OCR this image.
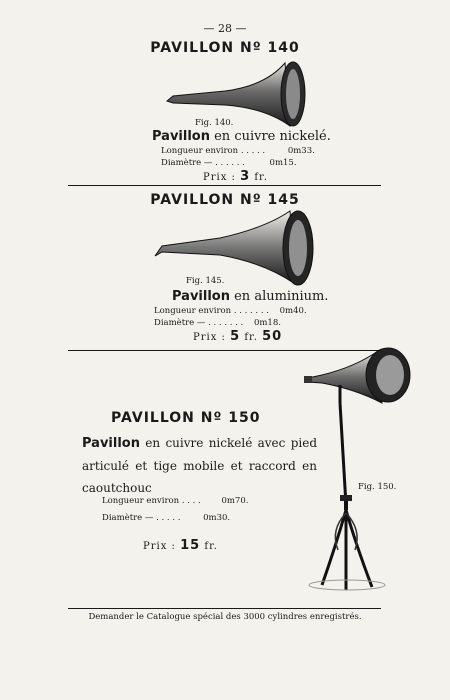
— 28 —
PAVILLON Nº 140
Fig. 140.
Pavillon en cuivre nickelé.
Longueur environ . . . . .	0m33.
Diamètre — . . . . . .	0m15.
Prix : 3 fr.
PAVILLON Nº 145
Fig. 145.
Pavillon en aluminium.
Longueur environ . . . . . . . 0m40.
Diamètre — . . . . . . . 0m18.
Prix : 5 fr. 50
PAVILLON Nº 150
Pavillon en cuivre nickelé avec pied articulé et tige mobile et raccord en caoutchouc
Longueur environ . . . . 0m70.
Diamètre — . . . . .	0m30.
Prix : 15 fr.
Fig. 150.
Demander le Catalogue spécial des 3000 cylindres enregistrés.
